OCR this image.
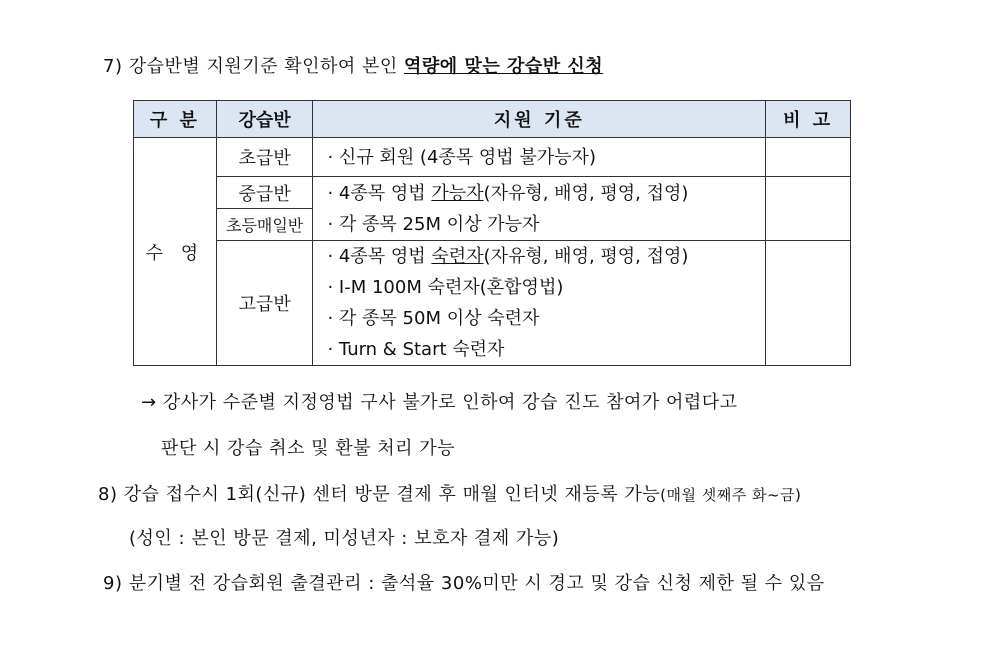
7) 강습반별 지원기준 확인하여 본인 역량에 맞는 강습반 신청
구 분	강습반	지원 기준	비 고
수 영	초급반	· 신규 회원 (4종목 영법 불가능자)	

	중급반	· 4종목 영법 가능자(자유형, 배영, 평영, 접영)
· 각 종목 25M 이상 가능자	

	초등매일반		
	고급반	· 4종목 영법 숙련자(자유형, 배영, 평영, 접영)
· I-M 100M 숙련자(혼합영법)
· 각 종목 50M 이상 숙련자
· Turn & Start 숙련자	

→ 강사가 수준별 지정영법 구사 불가로 인하여 강습 진도 참여가 어렵다고
판단 시 강습 취소 및 환불 처리 가능
8) 강습 접수시 1회(신규) 센터 방문 결제 후 매월 인터넷 재등록 가능(매월 셋째주 화~금)
(성인 : 본인 방문 결제, 미성년자 : 보호자 결제 가능)
9) 분기별 전 강습회원 출결관리 : 출석율 30%미만 시 경고 및 강습 신청 제한 될 수 있음
